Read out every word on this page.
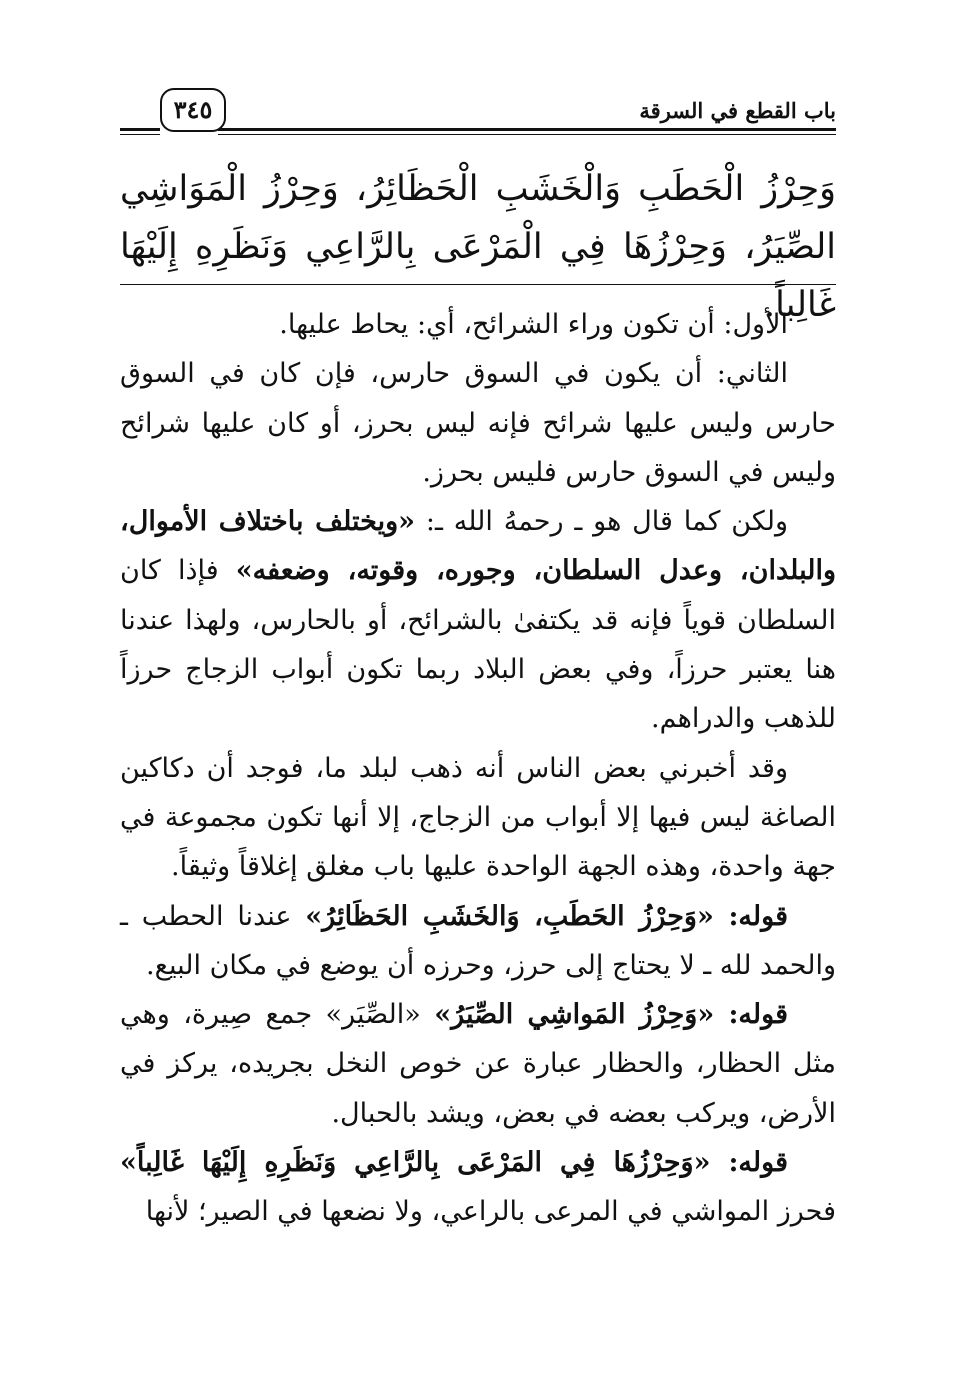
باب القطع في السرقة
٣٤٥
وَحِرْزُ الْحَطَبِ وَالْخَشَبِ الْحَظَائِرُ، وَحِرْزُ الْمَوَاشِي الصِّيَرُ، وَحِرْزُهَا فِي الْمَرْعَى بِالرَّاعِي وَنَظَرِهِ إِلَيْهَا غَالِباً.

الأول: أن تكون وراء الشرائح، أي: يحاط عليها.

الثاني: أن يكون في السوق حارس، فإن كان في السوق حارس وليس عليها شرائح فإنه ليس بحرز، أو كان عليها شرائح وليس في السوق حارس فليس بحرز.

ولكن كما قال هو ـ رحمهُ الله ـ: «ويختلف باختلاف الأموال، والبلدان، وعدل السلطان، وجوره، وقوته، وضعفه» فإذا كان السلطان قوياً فإنه قد يكتفىٰ بالشرائح، أو بالحارس، ولهذا عندنا هنا يعتبر حرزاً، وفي بعض البلاد ربما تكون أبواب الزجاج حرزاً للذهب والدراهم.

وقد أخبرني بعض الناس أنه ذهب لبلد ما، فوجد أن دكاكين الصاغة ليس فيها إلا أبواب من الزجاج، إلا أنها تكون مجموعة في جهة واحدة، وهذه الجهة الواحدة عليها باب مغلق إغلاقاً وثيقاً.

قوله: «وَحِرْزُ الحَطَبِ، وَالخَشَبِ الحَظَائِرُ» عندنا الحطب ـ والحمد لله ـ لا يحتاج إلى حرز، وحرزه أن يوضع في مكان البيع.

قوله: «وَحِرْزُ المَواشِي الصِّيَرُ» «الصِّيَر» جمع صِيرة، وهي مثل الحظار، والحظار عبارة عن خوص النخل بجريده، يركز في الأرض، ويركب بعضه في بعض، ويشد بالحبال.

قوله: «وَحِرْزُهَا فِي المَرْعَى بِالرَّاعِي وَنَظَرِهِ إِلَيْهَا غَالِباً» فحرز المواشي في المرعى بالراعي، ولا نضعها في الصير؛ لأنها
